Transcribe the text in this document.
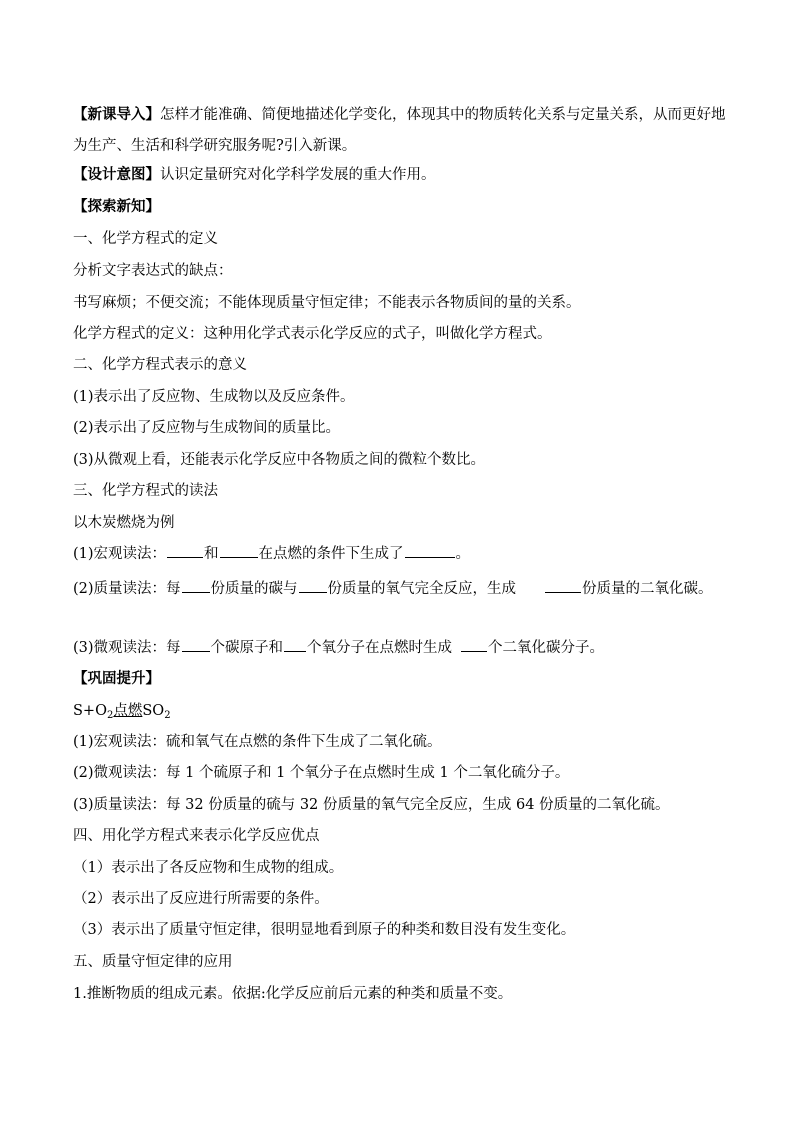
【新课导入】怎样才能准确、简便地描述化学变化，体现其中的物质转化关系与定量关系，从而更好地为生产、生活和科学研究服务呢?引入新课。
【设计意图】认识定量研究对化学科学发展的重大作用。
【探索新知】
一、化学方程式的定义
分析文字表达式的缺点：
书写麻烦；不便交流；不能体现质量守恒定律；不能表示各物质间的量的关系。
化学方程式的定义：这种用化学式表示化学反应的式子，叫做化学方程式。
二、化学方程式表示的意义
(1)表示出了反应物、生成物以及反应条件。
(2)表示出了反应物与生成物间的质量比。
(3)从微观上看，还能表示化学反应中各物质之间的微粒个数比。
三、化学方程式的读法
以木炭燃烧为例
(1)宏观读法：	和	在点燃的条件下生成了	。
(2)质量读法：每 份质量的碳与 份质量的氧气完全反应，生成	份质量的二氧化碳。
(3)微观读法：每 个碳原子和 个氧分子在点燃时生成 个二氧化碳分子。
【巩固提升】
$S+O_2$点燃$SO_2$
(1)宏观读法：硫和氧气在点燃的条件下生成了二氧化硫。
(2)微观读法：每 1 个硫原子和 1 个氧分子在点燃时生成 1 个二氧化硫分子。
(3)质量读法：每 32 份质量的硫与 32 份质量的氧气完全反应，生成 64 份质量的二氧化硫。
四、用化学方程式来表示化学反应优点
（1）表示出了各反应物和生成物的组成。
（2）表示出了反应进行所需要的条件。
（3）表示出了质量守恒定律，很明显地看到原子的种类和数目没有发生变化。
五、质量守恒定律的应用
1.推断物质的组成元素。依据:化学反应前后元素的种类和质量不变。
